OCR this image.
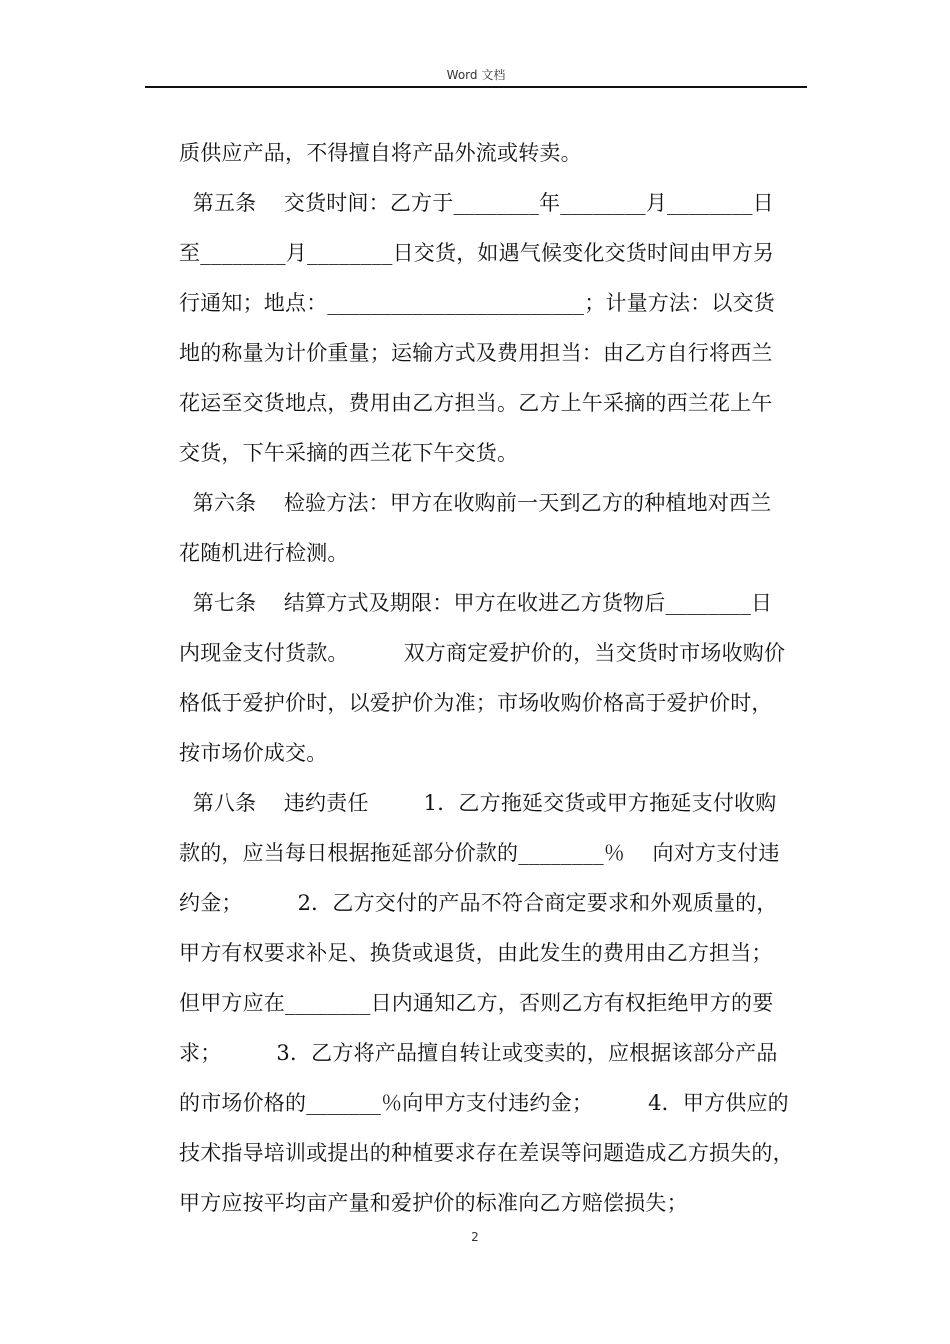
Word 文档
质供应产品，不得擅自将产品外流或转卖。
第五条    交货时间：乙方于________年________月________日
至________月________日交货，如遇气候变化交货时间由甲方另
行通知；地点：________________________；计量方法：以交货
地的称量为计价重量；运输方式及费用担当：由乙方自行将西兰
花运至交货地点，费用由乙方担当。乙方上午采摘的西兰花上午
交货，下午采摘的西兰花下午交货。
第六条    检验方法：甲方在收购前一天到乙方的种植地对西兰
花随机进行检测。
第七条    结算方式及期限：甲方在收进乙方货物后________日
内现金支付货款。        双方商定爱护价的，当交货时市场收购价
格低于爱护价时，以爱护价为准；市场收购价格高于爱护价时，
按市场价成交。
第八条    违约责任        1．乙方拖延交货或甲方拖延支付收购
款的，应当每日根据拖延部分价款的________％    向对方支付违
约金；        2．乙方交付的产品不符合商定要求和外观质量的，
甲方有权要求补足、换货或退货，由此发生的费用由乙方担当；
但甲方应在________日内通知乙方，否则乙方有权拒绝甲方的要
求；        3．乙方将产品擅自转让或变卖的，应根据该部分产品
的市场价格的_______％向甲方支付违约金；        4．甲方供应的
技术指导培训或提出的种植要求存在差误等问题造成乙方损失的，
甲方应按平均亩产量和爱护价的标准向乙方赔偿损失；
2
